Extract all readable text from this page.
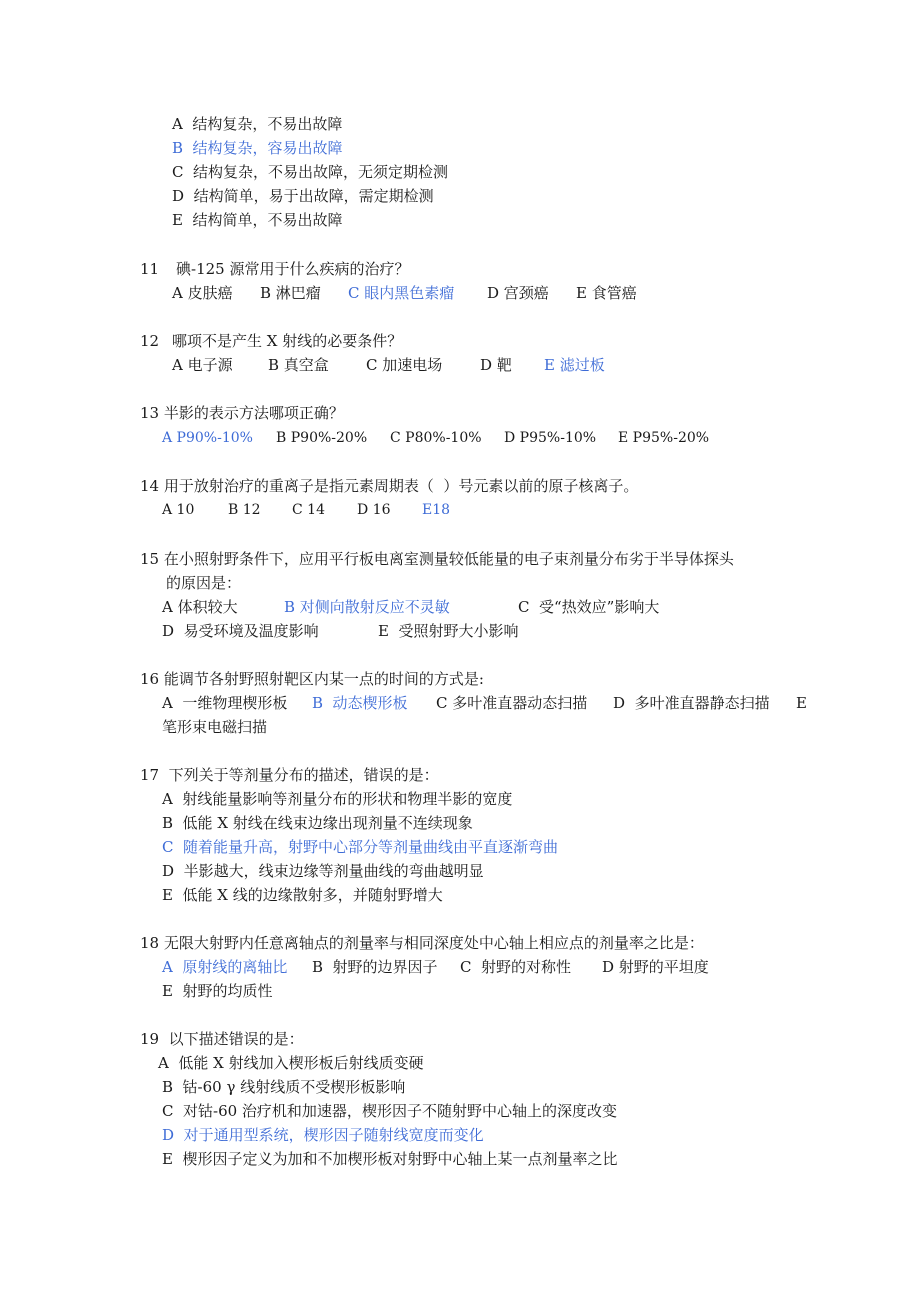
A  结构复杂，不易出故障
B  结构复杂，容易出故障
C  结构复杂，不易出故障，无须定期检测
D  结构简单，易于出故障，需定期检测
E  结构简单，不易出故障
11 碘-125 源常用于什么疾病的治疗？
A 皮肤癌 B 淋巴瘤 C 眼内黑色素瘤 D 宫颈癌 E 食管癌
12 哪项不是产生 X 射线的必要条件？
A 电子源 B 真空盒 C 加速电场	D 靶 E 滤过板
13 半影的表示方法哪项正确？
A P90%-10% B P90%-20% C P80%-10% D P95%-10% E P95%-20%
14 用于放射治疗的重离子是指元素周期表（  ）号元素以前的原子核离子。
A 10 B 12 C 14 D 16 E18
15 在小照射野条件下，应用平行板电离室测量较低能量的电子束剂量分布劣于半导体探头
的原因是：
A 体积较大	B 对侧向散射反应不灵敏	C  受“热效应”影响大
D  易受环境及温度影响	E  受照射野大小影响
16 能调节各射野照射靶区内某一点的时间的方式是:
A  一维物理楔形板 B  动态楔形板 C 多叶准直器动态扫描 D  多叶准直器静态扫描 E
笔形束电磁扫描
17  下列关于等剂量分布的描述，错误的是：
A  射线能量影响等剂量分布的形状和物理半影的宽度
B  低能 X 射线在线束边缘出现剂量不连续现象
C  随着能量升高，射野中心部分等剂量曲线由平直逐渐弯曲
D  半影越大，线束边缘等剂量曲线的弯曲越明显
E  低能 X 线的边缘散射多，并随射野增大
18 无限大射野内任意离轴点的剂量率与相同深度处中心轴上相应点的剂量率之比是：
A  原射线的离轴比 B  射野的边界因子 C  射野的对称性 D 射野的平坦度
E  射野的均质性
19  以下描述错误的是：
A  低能 X 射线加入楔形板后射线质变硬
B  钴-60 γ 线射线质不受楔形板影响
C  对钴-60 治疗机和加速器，楔形因子不随射野中心轴上的深度改变
D  对于通用型系统，楔形因子随射线宽度而变化
E  楔形因子定义为加和不加楔形板对射野中心轴上某一点剂量率之比
